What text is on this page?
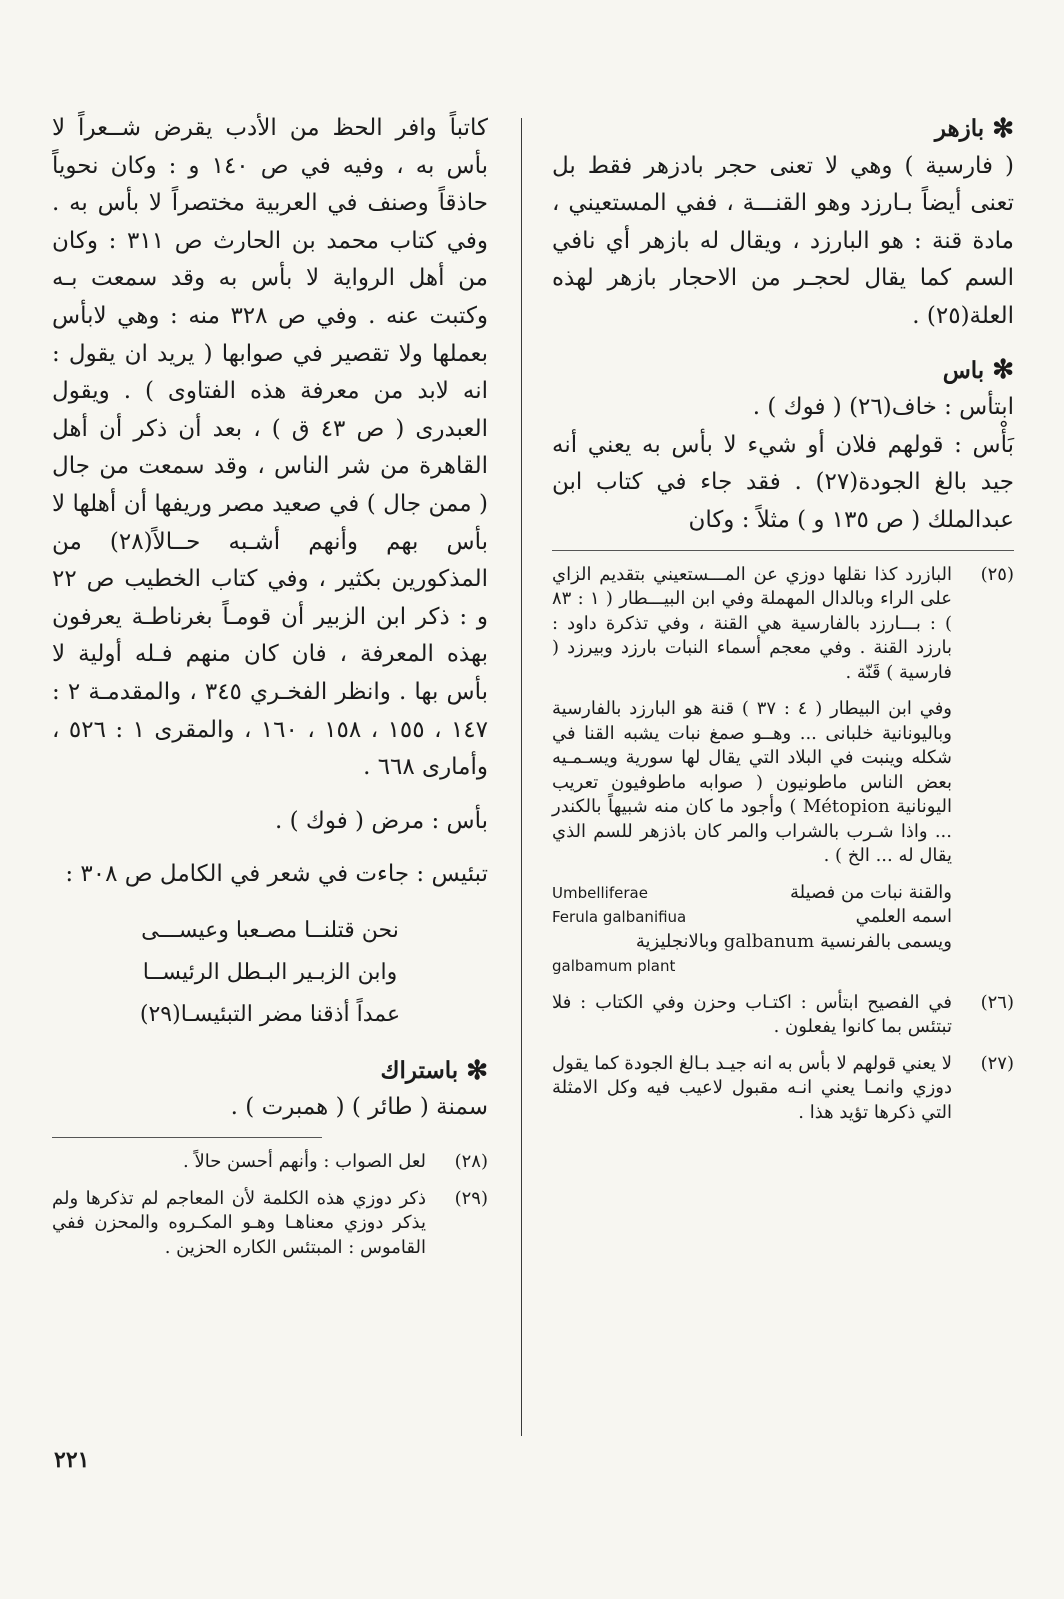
✻
بازهر

( فارسية ) وهي لا تعنى حجر بادزهر فقط بل تعنى أيضاً بـارزد وهو القنـــة ، ففي المستعيني ، مادة قنة : هو البارزد ، ويقال له بازهر أي نافي السم كما يقال لحجـر من الاحجار بازهر لهذه العلة(٢٥) .

✻
باس

ابتأس : خاف(٢٦) ( فوك ) .

بَأْس : قولهم فلان أو شيء لا بأس به يعني أنه جيد بالغ الجودة(٢٧) . فقد جاء في كتاب ابن عبدالملك ( ص ١٣٥ و ) مثلاً : وكان

(٢٥)
البازرد كذا نقلها دوزي عن المـــستعيني بتقديم الزاي على الراء وبالدال المهملة وفي ابن البيـــطار ( ١ : ٨٣ ) : بـــارزد بالفارسية هي القنة ، وفي تذكرة داود : بارزد القنة . وفي معجم أسماء النبات بارزد وبيرزد ( فارسية ) قَنّة .
وفي ابن البيطار ( ٤ : ٣٧ ) قنة هو البارزد بالفارسية وباليونانية خلبانى ... وهــو صمغ نبات يشبه القنا في شكله وينبت في البلاد التي يقال لها سورية ويسـمـيه بعض الناس ماطونيون ( صوابه ماطوفيون تعريب اليونانية Métopion ) وأجود ما كان منه شبيهاً بالكندر ... واذا شـرب بالشراب والمر كان باذزهر للسم الذي يقال له ... الخ ) .
والقنة نبات من فصيلة
Umbelliferae
اسمه العلمي
Ferula galbanifiua
ويسمى بالفرنسية galbanum وبالانجليزية
galbamum plant
(٢٦)
في الفصيح ابتأس : اكتـاب وحزن وفي الكتاب : فلا تبتئس بما كانوا يفعلون .
(٢٧)
لا يعني قولهم لا بأس به انه جيـد بـالغ الجودة كما يقول دوزي وانمـا يعني انـه مقبول لاعيب فيه وكل الامثلة التي ذكرها تؤيد هذا .

كاتباً وافر الحظ من الأدب يقرض شــعراً لا بأس به ، وفيه في ص ١٤٠ و : وكان نحوياً حاذقاً وصنف في العربية مختصراً لا بأس به . وفي كتاب محمد بن الحارث ص ٣١١ : وكان من أهل الرواية لا بأس به وقد سمعت بـه وكتبت عنه . وفي ص ٣٢٨ منه : وهي لابأس بعملها ولا تقصير في صوابها ( يريد ان يقول : انه لابد من معرفة هذه الفتاوى ) . ويقول العبدرى ( ص ٤٣ ق ) ، بعد أن ذكر أن أهل القاهرة من شر الناس ، وقد سمعت من جال ( ممن جال ) في صعيد مصر وريفها أن أهلها لا بأس بهم وأنهم أشـبه حــالاً(٢٨) من المذكورين بكثير ، وفي كتاب الخطيب ص ٢٢ و : ذكر ابن الزبير أن قومـاً بغرناطـة يعرفون بهذه المعرفة ، فان كان منهم فـله أولية لا بأس بها . وانظر الفخـري ٣٤٥ ، والمقدمـة ٢ : ١٤٧ ، ١٥٥ ، ١٥٨ ، ١٦٠ ، والمقرى ١ : ٥٢٦ ، وأمارى ٦٦٨ .

بأس : مرض ( فوك ) .

تبئيس : جاءت في شعر في الكامل ص ٣٠٨ :

نحن قتلنــا مصـعبا وعيســـى
وابن الزبـير البـطل الرئيســا
عمداً أذقنا مضر التبئيسـا(٢٩)
✻
باستراك

سمنة ( طائر ) ( همبرت ) .

(٢٨)
لعل الصواب : وأنهم أحسن حالاً .
(٢٩)
ذكر دوزي هذه الكلمة لأن المعاجم لم تذكرها ولم يذكر دوزي معناهـا وهـو المكـروه والمحزن ففي القاموس : المبتئس الكاره الحزين .
٢٢١
